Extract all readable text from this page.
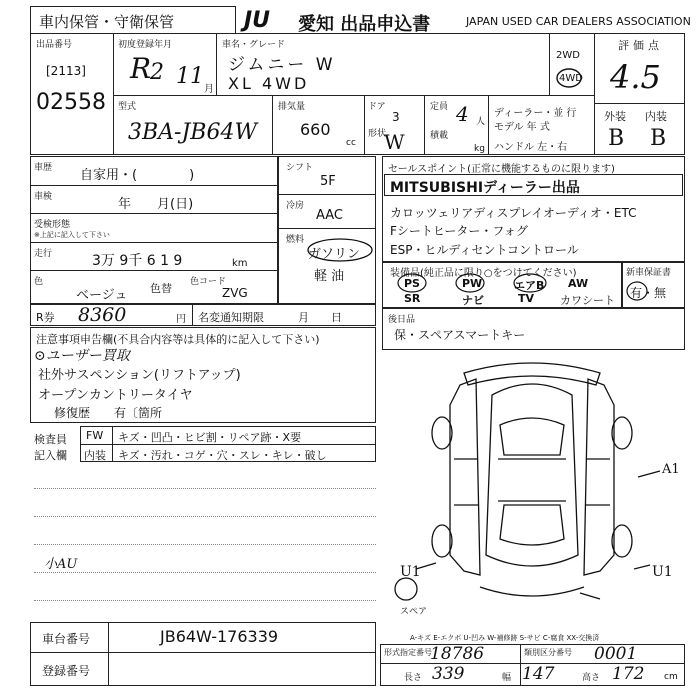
車内保管・守衛保管	JU 愛知 出品申込書	JAPAN USED CAR DEALERS ASSOCIATION
出品番号
[2113]
02558
初度登録年月
R
2 11
月
車名・グレード
ジムニー W
XL 4WD
2WD
4WD
評価点
4.5
外装 内装
B B
型式
3BA-JB64W
排気量
660
cc
ドア
3
形状
W
定員 4 人
積載
kg
ディーラー・並 行
モデル 年 式
ハンドル 左・右
車歴 自家用・(　　　　)
車検	年　　月(日)
受検形態
※上記に記入して下さい
走行	3万 9千 6 1 9	km
色
ベージュ 色替 色コード
ZVG
シフト
5F
冷房
AAC
燃料
ガソリン
軽 油
セールスポイント(正常に機能するものに限ります)
MITSUBISHIディーラー出品
カロッツェリアディスプレイオーディオ・ETC
Fシートヒーター・フォグ
ESP・ヒルディセントコントロール
装備品(純正品に限り○をつけてください)
PS	PW	エアB AW
SR	ナビ	TV カワシート
新車保証書
有・無
R券 8360	円 名変通知期限	月　　日	後日品
保・スペアスマートキー
注意事項申告欄(不具合内容等は具体的に記入して下さい)
⊙ユーザー買取
社外サスペンション(リフトアップ)
オープンカントリータイヤ
修復歴 有〔箇所
検査員
記入欄
FW キズ・凹凸・ヒビ割・リペア跡・X要
内装 キズ・汚れ・コゲ・穴・スレ・キレ・破し
小AU
A1
U1	U1
スペア
A-キズ E-エクボ U-凹み W-補修跡 S-サビ C-腐食 XX-交換済
車台番号	JB64W-176339
登録番号
形式指定番号
18786	類別区分番号 0001
長さ 339	幅 147	高さ 172 cm
